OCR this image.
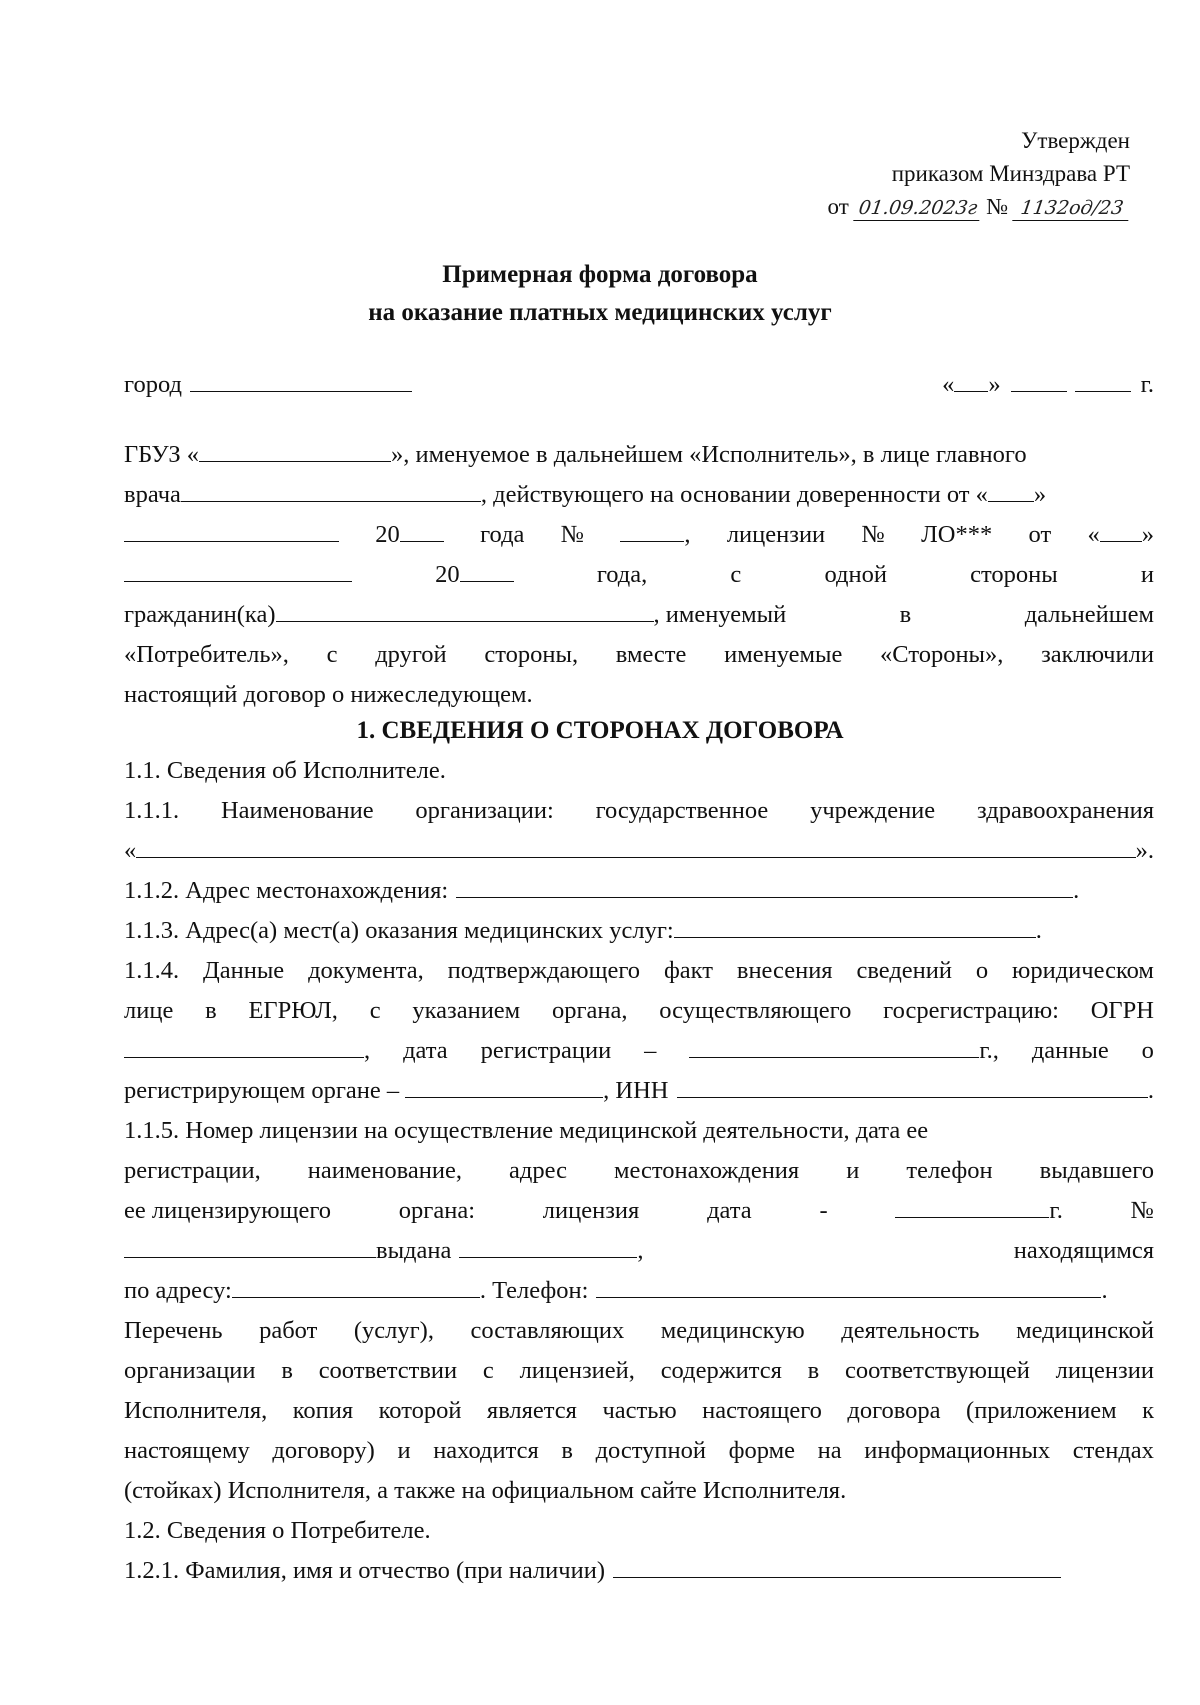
Утвержден
приказом Минздрава РТ
от 01.09.2023г № 1132од/23
Примерная форма договора
на оказание платных медицинских услуг
город	« »	г.
ГБУЗ «	», именуемое в дальнейшем «Исполнитель», в лице главного
врача	, действующего на основании доверенности от « »
20	года №	, лицензии № ЛО*** от « »
20	года,	с	одной	стороны	и
гражданин(ка)	, именуемый	в	дальнейшем
«Потребитель», с другой стороны, вместе именуемые «Стороны», заключили
настоящий договор о нижеследующем.
1. СВЕДЕНИЯ О СТОРОНАХ ДОГОВОРА
1.1. Сведения об Исполнителе.
1.1.1. Наименование организации: государственное учреждение здравоохранения
«	».
1.1.2. Адрес местонахождения:	.
1.1.3. Адрес(а) мест(а) оказания медицинских услуг:	.
1.1.4. Данные документа, подтверждающего факт внесения сведений о юридическом
лице в ЕГРЮЛ, с указанием органа, осуществляющего госрегистрацию: ОГРН
, дата регистрации –	г., данные о
регистрирующем органе –	, ИНН	.
1.1.5. Номер лицензии на осуществление медицинской деятельности, дата ее
регистрации, наименование, адрес местонахождения и телефон выдавшего
ее лицензирующего	органа:	лицензия	дата	-	г.	№
выдана	,	находящимся
по адресу:	. Телефон:	.
Перечень работ (услуг), составляющих медицинскую деятельность медицинской
организации в соответствии с лицензией, содержится в соответствующей лицензии
Исполнителя, копия которой является частью настоящего договора (приложением к
настоящему договору) и находится в доступной форме на информационных стендах
(стойках) Исполнителя, а также на официальном сайте Исполнителя.
1.2. Сведения о Потребителе.
1.2.1. Фамилия, имя и отчество (при наличии)
